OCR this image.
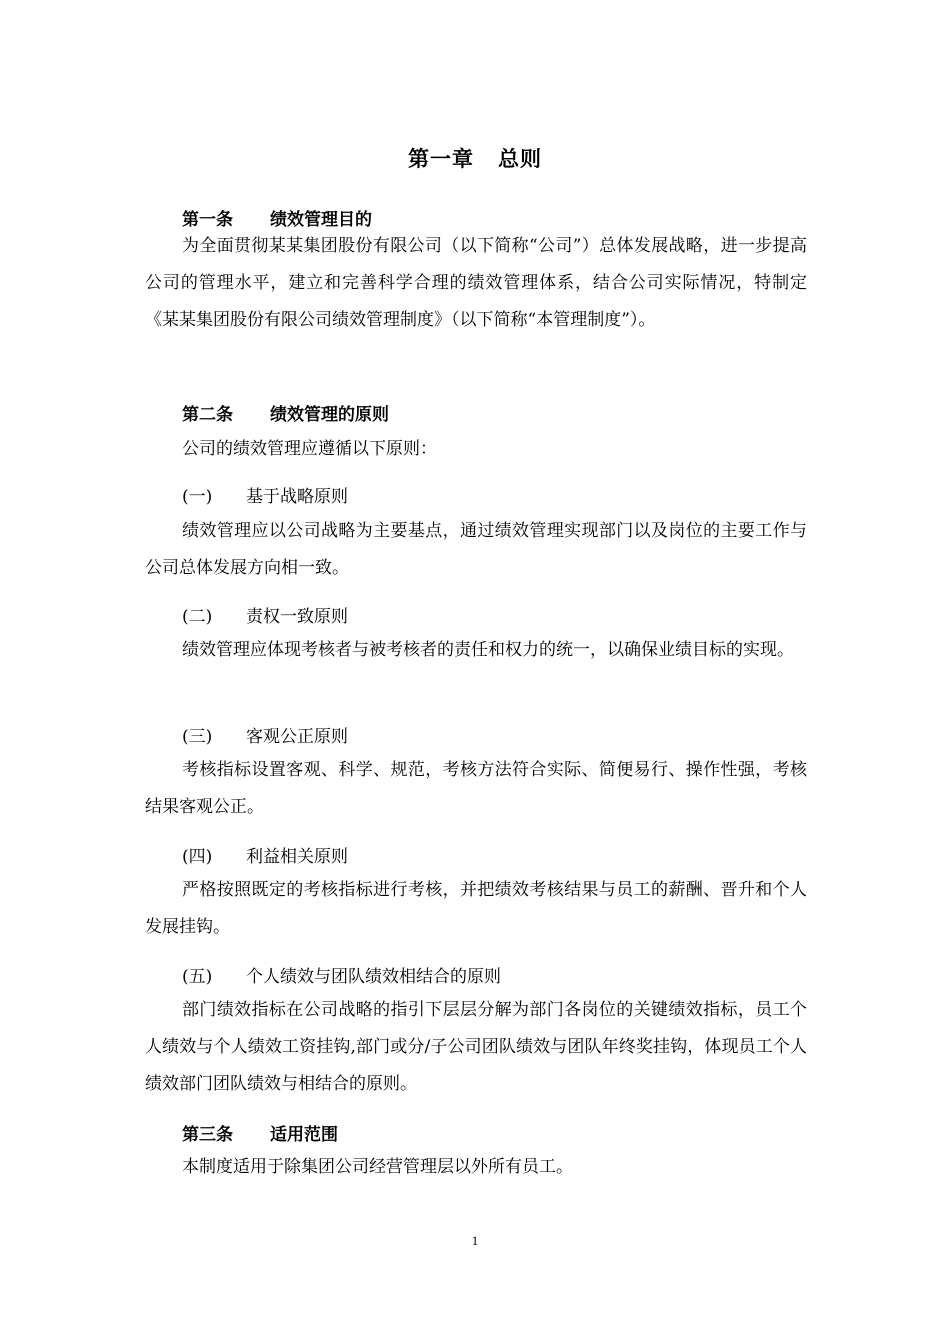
第一章 总则
第一条 绩效管理目的

为全面贯彻某某集团股份有限公司（以下简称“公司”）总体发展战略，进一步提高公司的管理水平，建立和完善科学合理的绩效管理体系，结合公司实际情况，特制定《某某集团股份有限公司绩效管理制度》（以下简称“本管理制度”）。

第二条 绩效管理的原则

公司的绩效管理应遵循以下原则：

(一) 基于战略原则

绩效管理应以公司战略为主要基点，通过绩效管理实现部门以及岗位的主要工作与公司总体发展方向相一致。

(二) 责权一致原则

绩效管理应体现考核者与被考核者的责任和权力的统一，以确保业绩目标的实现。

(三) 客观公正原则

考核指标设置客观、科学、规范，考核方法符合实际、简便易行、操作性强，考核结果客观公正。

(四) 利益相关原则

严格按照既定的考核指标进行考核，并把绩效考核结果与员工的薪酬、晋升和个人发展挂钩。

(五) 个人绩效与团队绩效相结合的原则

部门绩效指标在公司战略的指引下层层分解为部门各岗位的关键绩效指标，员工个人绩效与个人绩效工资挂钩,部门或分/子公司团队绩效与团队年终奖挂钩，体现员工个人绩效部门团队绩效与相结合的原则。

第三条 适用范围

本制度适用于除集团公司经营管理层以外所有员工。

1
